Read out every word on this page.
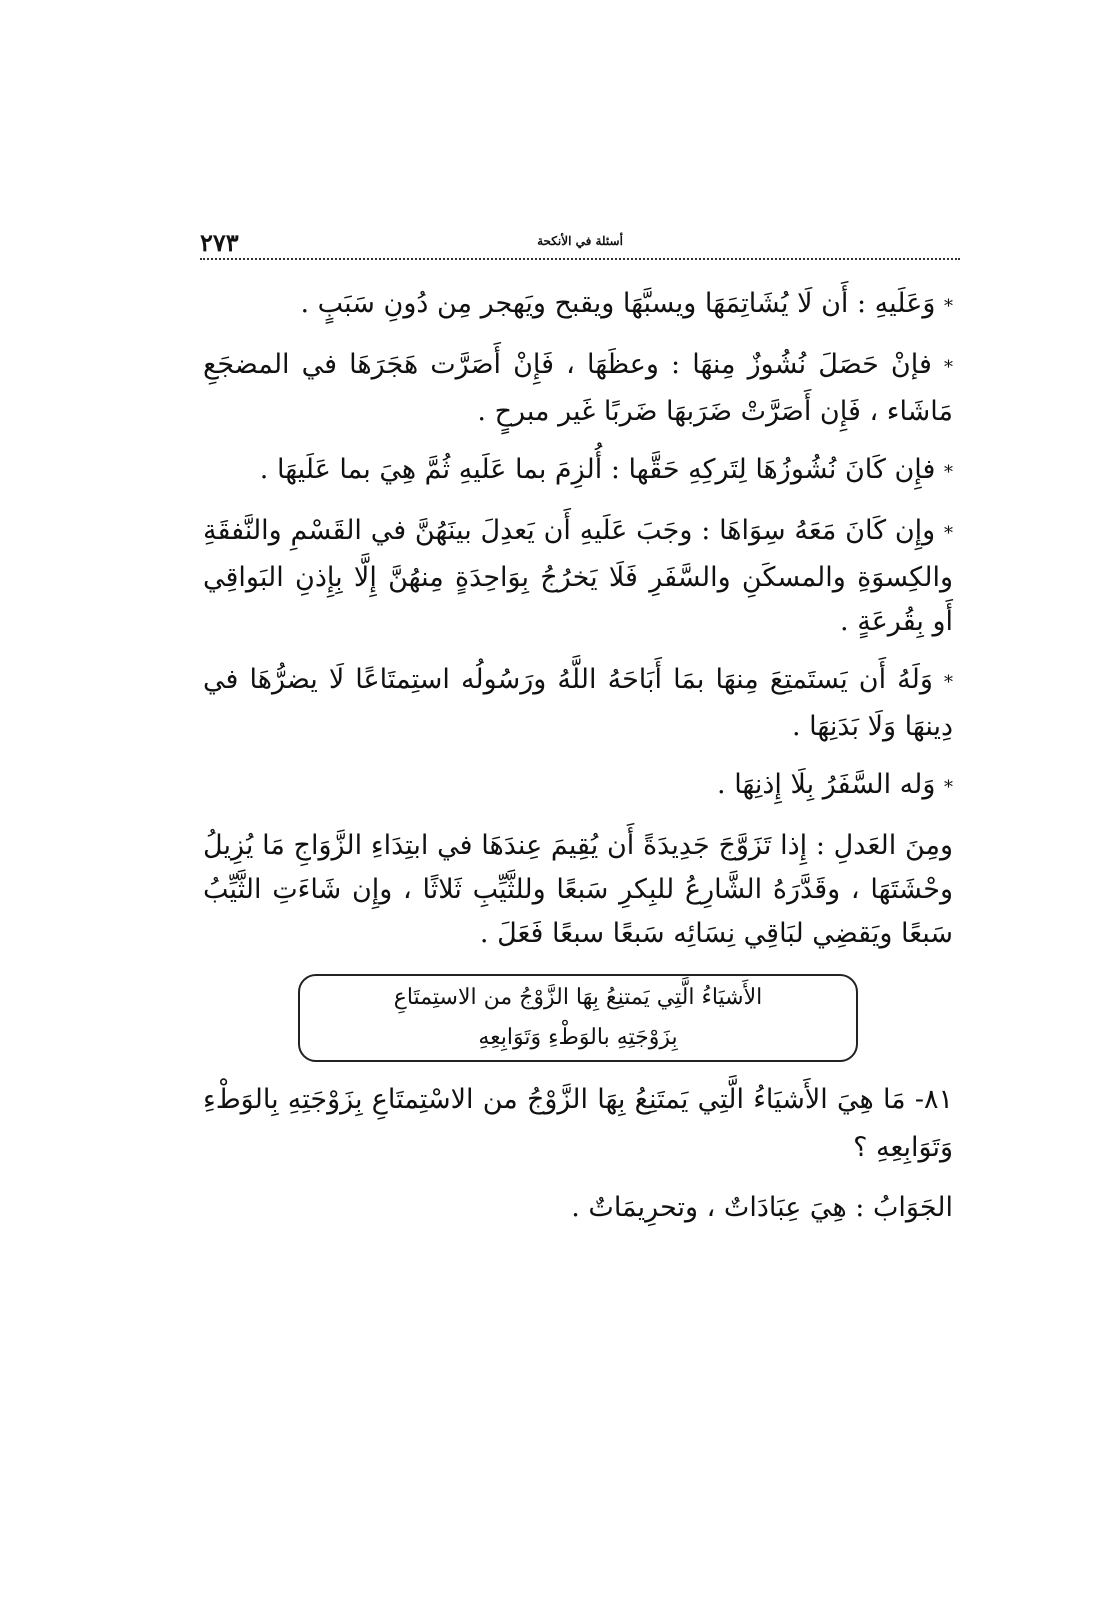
٢٧٣	أسئلة في الأنكحة

* وَعَلَيهِ : أَن لَا يُشَاتِمَهَا ويسبَّهَا ويقبح ويَهجر مِن دُونِ سَبَبٍ .

* فإنْ حَصَلَ نُشُوزٌ مِنهَا : وعظَهَا ، فَإِنْ أَصَرَّت هَجَرَهَا في المضجَعِ مَاشَاء ، فَإِن أَصَرَّتْ ضَرَبهَا ضَربًا غَير مبرحٍ .

* فإِن كَانَ نُشُوزُهَا لِتَركِهِ حَقَّها : أُلزِمَ بما عَلَيهِ ثُمَّ هِيَ بما عَلَيهَا .

* وإِن كَانَ مَعَهُ سِوَاهَا : وجَبَ عَلَيهِ أَن يَعدِلَ بينَهُنَّ في القَسْمِ والنَّفقَةِ والكِسوَةِ والمسكَنِ والسَّفَرِ فَلَا يَخرُجُ بِوَاحِدَةٍ مِنهُنَّ إِلَّا بِإِذنِ البَواقِي أَو بِقُرعَةٍ .

* وَلَهُ أَن يَستَمتِعَ مِنهَا بمَا أَبَاحَهُ اللَّهُ ورَسُولُه استِمتَاعًا لَا يضرُّهَا في دِينهَا وَلَا بَدَنِهَا .

* وَله السَّفَرُ بِلَا إِذنِهَا .

ومِنَ العَدلِ : إِذا تَزَوَّجَ جَدِيدَةً أَن يُقِيمَ عِندَهَا في ابتِدَاءِ الزَّوَاجِ مَا يُزِيلُ وحْشَتَهَا ، وقَدَّرَهُ الشَّارِعُ للبِكرِ سَبعًا وللثَّيِّبِ ثَلاثًا ، وإِن شَاءَتِ الثَّيِّبُ سَبعًا ويَقضِي لبَاقِي نِسَائِه سَبعًا سبعًا فَعَلَ .

الأَشيَاءُ الَّتِي يَمتنِعُ بِهَا الزَّوْجُ من الاستِمتَاعِ
بِزَوْجَتِهِ بالوَطْءِ وَتَوَابِعِهِ

٨١- مَا هِيَ الأَشيَاءُ الَّتِي يَمتَنِعُ بِهَا الزَّوْجُ من الاسْتِمتَاعِ بِزَوْجَتِهِ بِالوَطْءِ وَتَوَابِعِهِ ؟

الجَوَابُ : هِيَ عِبَادَاتٌ ، وتحرِيمَاتٌ .
